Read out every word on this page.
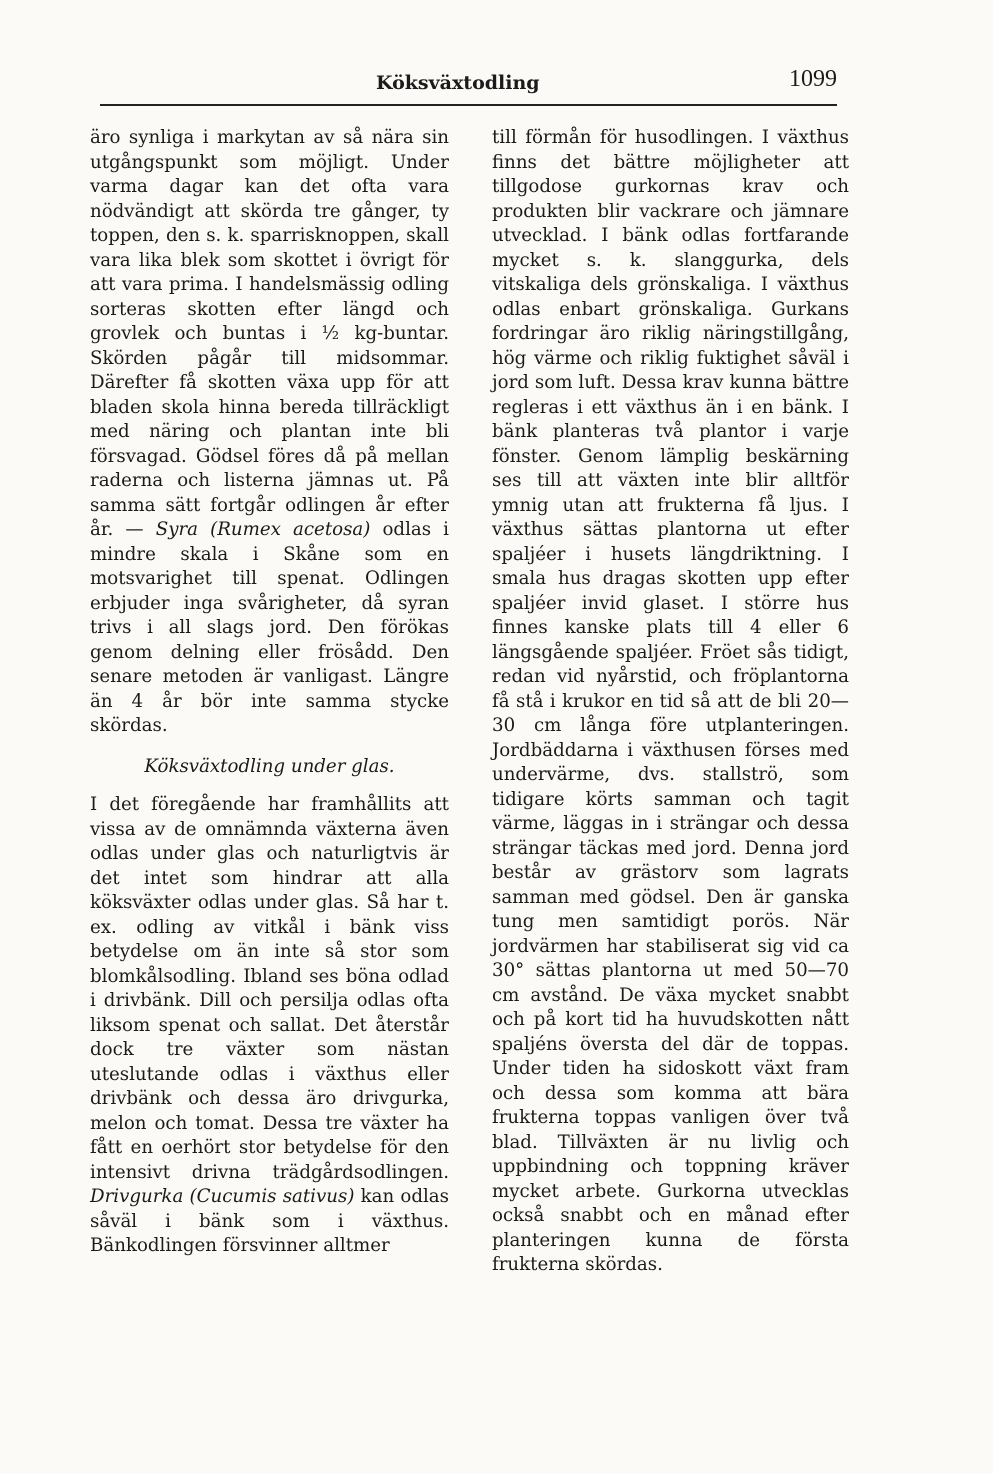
Köksväxtodling	1099

äro synliga i markytan av så nära sin utgångspunkt som möjligt. Under varma dagar kan det ofta vara nödvändigt att skörda tre gånger, ty toppen, den s. k. sparrisknoppen, skall vara lika blek som skottet i övrigt för att vara prima. I handelsmässig odling sorteras skotten efter längd och grovlek och buntas i ½ kg-buntar. Skörden pågår till midsommar. Därefter få skotten växa upp för att bladen skola hinna bereda tillräckligt med näring och plantan inte bli försvagad. Gödsel föres då på mellan raderna och listerna jämnas ut. På samma sätt fortgår odlingen år efter år. — Syra (Rumex acetosa) odlas i mindre skala i Skåne som en motsvarighet till spenat. Odlingen erbjuder inga svårigheter, då syran trivs i all slags jord. Den förökas genom delning eller frösådd. Den senare metoden är vanligast. Längre än 4 år bör inte samma stycke skördas.

Köksväxtodling under glas.

I det föregående har framhållits att vissa av de omnämnda växterna även odlas under glas och naturligtvis är det intet som hindrar att alla köksväxter odlas under glas. Så har t. ex. odling av vitkål i bänk viss betydelse om än inte så stor som blomkålsodling. Ibland ses böna odlad i drivbänk. Dill och persilja odlas ofta liksom spenat och sallat. Det återstår dock tre växter som nästan uteslutande odlas i växthus eller drivbänk och dessa äro drivgurka, melon och tomat. Dessa tre växter ha fått en oerhört stor betydelse för den intensivt drivna trädgårdsodlingen. Drivgurka (Cucumis sativus) kan odlas såväl i bänk som i växthus. Bänkodlingen försvinner alltmer

till förmån för husodlingen. I växthus finns det bättre möjligheter att tillgodose gurkornas krav och produkten blir vackrare och jämnare utvecklad. I bänk odlas fortfarande mycket s. k. slanggurka, dels vitskaliga dels grönskaliga. I växthus odlas enbart grönskaliga. Gurkans fordringar äro riklig näringstillgång, hög värme och riklig fuktighet såväl i jord som luft. Dessa krav kunna bättre regleras i ett växthus än i en bänk. I bänk planteras två plantor i varje fönster. Genom lämplig beskärning ses till att växten inte blir alltför ymnig utan att frukterna få ljus. I växthus sättas plantorna ut efter spaljéer i husets längdriktning. I smala hus dragas skotten upp efter spaljéer invid glaset. I större hus finnes kanske plats till 4 eller 6 längsgående spaljéer. Fröet sås tidigt, redan vid nyårstid, och fröplantorna få stå i krukor en tid så att de bli 20—30 cm långa före utplanteringen. Jordbäddarna i växthusen förses med undervärme, dvs. stallströ, som tidigare körts samman och tagit värme, läggas in i strängar och dessa strängar täckas med jord. Denna jord består av grästorv som lagrats samman med gödsel. Den är ganska tung men samtidigt porös. När jordvärmen har stabiliserat sig vid ca 30° sättas plantorna ut med 50—70 cm avstånd. De växa mycket snabbt och på kort tid ha huvudskotten nått spaljéns översta del där de toppas. Under tiden ha sidoskott växt fram och dessa som komma att bära frukterna toppas vanligen över två blad. Tillväxten är nu livlig och uppbindning och toppning kräver mycket arbete. Gurkorna utvecklas också snabbt och en månad efter planteringen kunna de första frukterna skördas.
